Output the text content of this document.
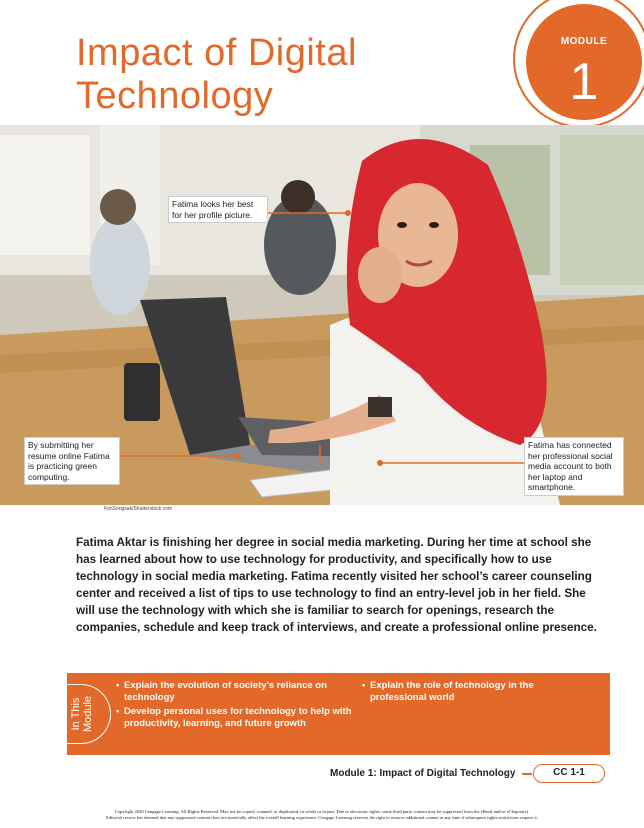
Impact of Digital
Technology
MODULE
1
Fatima looks her best for her profile picture.
By submitting her resume online Fatima is practicing green computing.
Fatima has connected her professional social media account to both her laptop and smartphone.
KimSongsak/Shutterstock.com

Fatima Aktar is finishing her degree in social media marketing. During her time at school she has learned about how to use technology for productivity, and specifically how to use technology in social media marketing. Fatima recently visited her school’s career counseling center and received a list of tips to use technology to find an entry-level job in her field. She will use the technology with which she is familiar to search for openings, research the companies, schedule and keep track of interviews, and create a professional online presence.

In This Module
• Explain the evolution of society’s reliance on technology
• Develop personal uses for technology to help with productivity, learning, and future growth
• Explain the role of technology in the professional world
Module 1: Impact of Digital Technology	CC 1-1
Copyright 2020 Cengage Learning. All Rights Reserved. May not be copied, scanned, or duplicated, in whole or in part. Due to electronic rights, some third party content may be suppressed from the eBook and/or eChapter(s).
Editorial review has deemed that any suppressed content does not materially affect the overall learning experience. Cengage Learning reserves the right to remove additional content at any time if subsequent rights restrictions require it.
